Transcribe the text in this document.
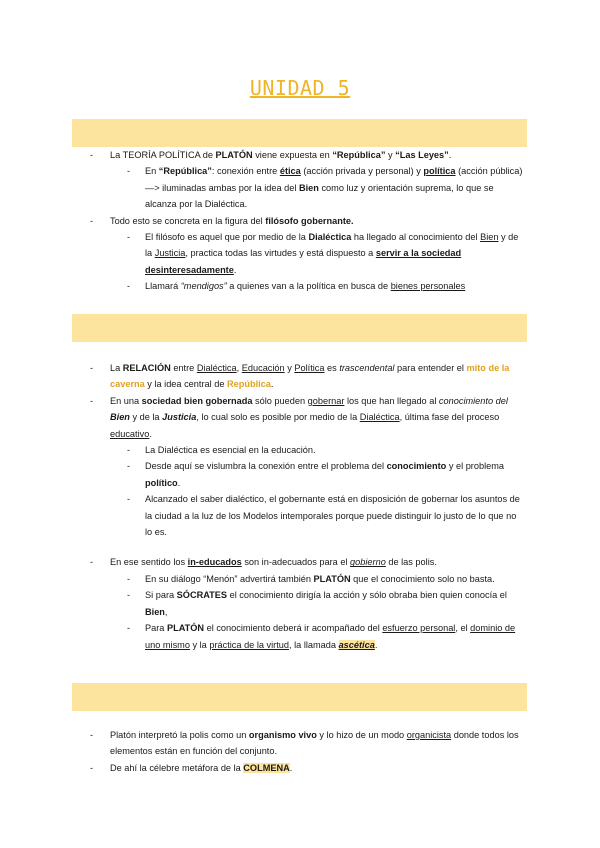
UNIDAD 5
- La TEORÍA POLÍTICA de PLATÓN viene expuesta en “República” y “Las Leyes”.
- En “República”: conexión entre ética (acción privada y personal) y política (acción pública) —> iluminadas ambas por la idea del Bien como luz y orientación suprema, lo que se alcanza por la Dialéctica.
- Todo esto se concreta en la figura del filósofo gobernante.
- El filósofo es aquel que por medio de la Dialéctica ha llegado al conocimiento del Bien y de la Justicia, practica todas las virtudes y está dispuesto a servir a la sociedad desinteresadamente.
- Llamará “mendigos” a quienes van a la política en busca de bienes personales
- La RELACIÓN entre Dialéctica, Educación y Política es trascendental para entender el mito de la caverna y la idea central de República.
- En una sociedad bien gobernada sólo pueden gobernar los que han llegado al conocimiento del Bien y de la Justicia, lo cual solo es posible por medio de la Dialéctica, última fase del proceso educativo.
- La Dialéctica es esencial en la educación.
- Desde aquí se vislumbra la conexión entre el problema del conocimiento y el problema político.
- Alcanzado el saber dialéctico, el gobernante está en disposición de gobernar los asuntos de la ciudad a la luz de los Modelos intemporales porque puede distinguir lo justo de lo que no lo es.
- En ese sentido los in-educados son in-adecuados para el gobierno de las polis.
- En su diálogo “Menón” advertirá también PLATÓN que el conocimiento solo no basta.
- Si para SÓCRATES el conocimiento dirigía la acción y sólo obraba bien quien conocía el Bien,
- Para PLATÓN el conocimiento deberá ir acompañado del esfuerzo personal, el dominio de uno mismo y la práctica de la virtud, la llamada ascética.
- Platón interpretó la polis como un organismo vivo y lo hizo de un modo organicista donde todos los elementos están en función del conjunto.
- De ahí la célebre metáfora de la COLMENA.
